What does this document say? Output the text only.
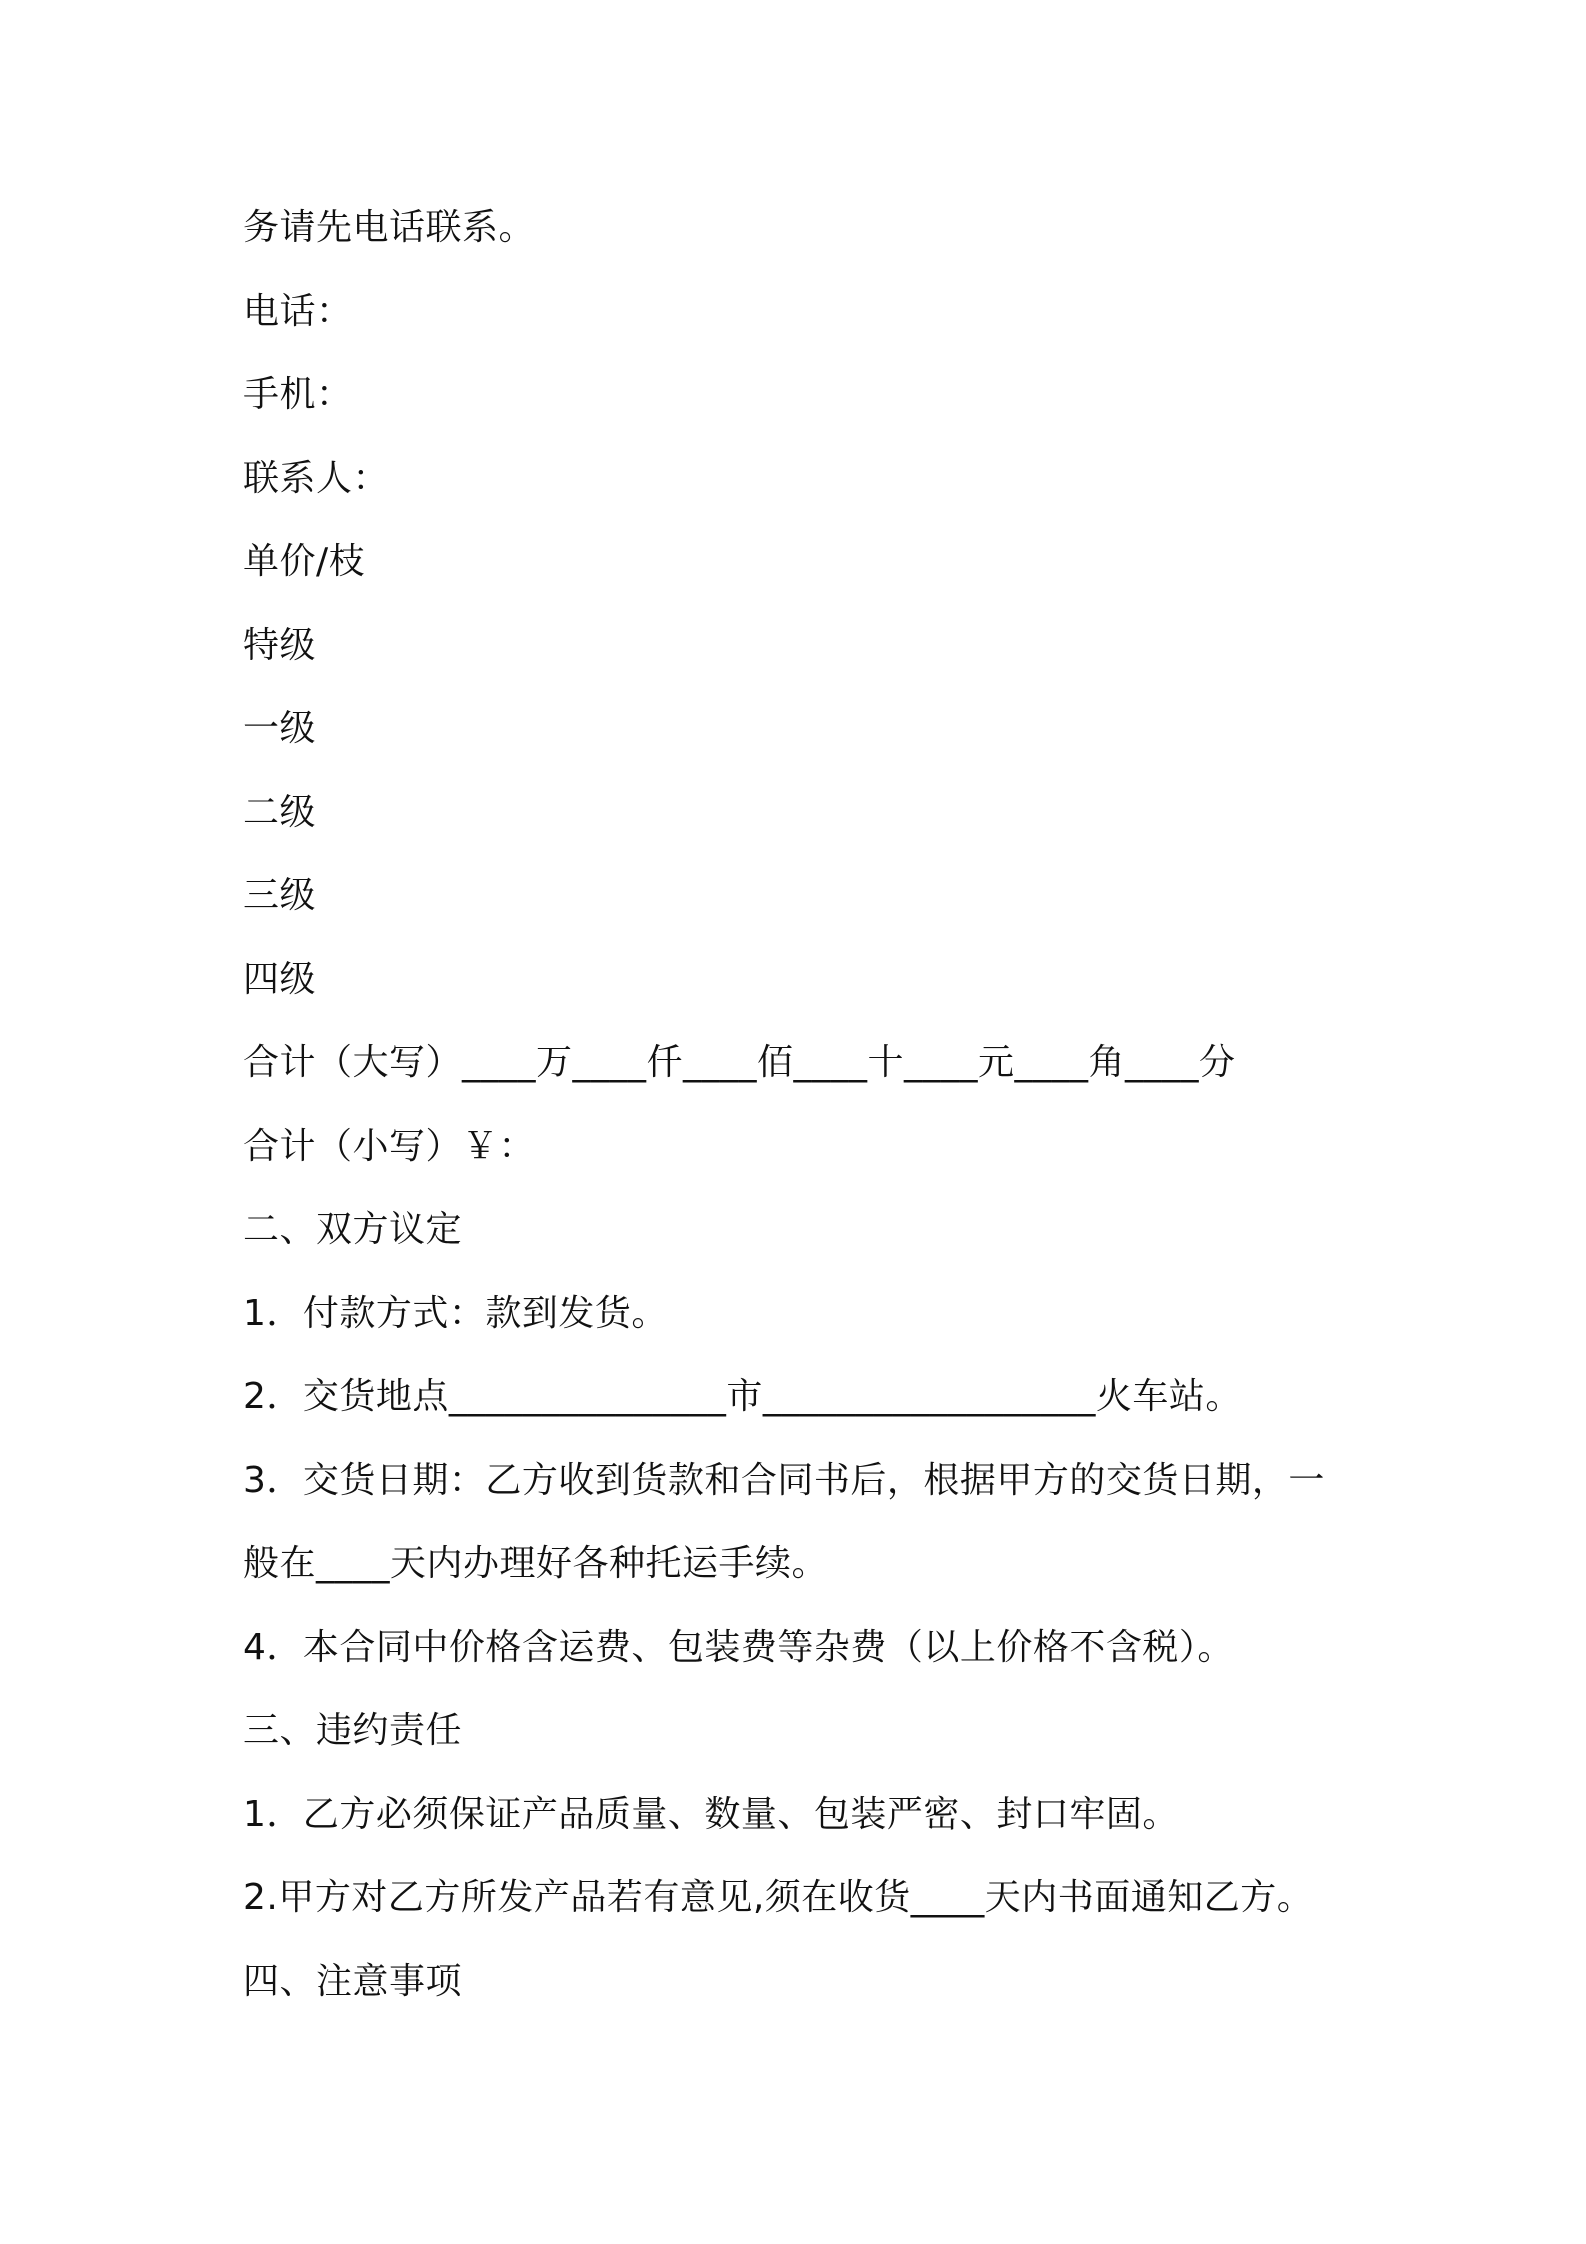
务请先电话联系。
电话：
手机：
联系人：
单价/枝
特级
一级
二级
三级
四级
合计（大写）____万____仟____佰____十____元____角____分
合计（小写）￥：
二、双方议定
1．付款方式：款到发货。
2．交货地点_______________市__________________火车站。
3．交货日期：乙方收到货款和合同书后，根据甲方的交货日期，一
般在____天内办理好各种托运手续。
4．本合同中价格含运费、包装费等杂费（以上价格不含税）。
三、违约责任
1．乙方必须保证产品质量、数量、包装严密、封口牢固。
2.甲方对乙方所发产品若有意见,须在收货____天内书面通知乙方。
四、注意事项
